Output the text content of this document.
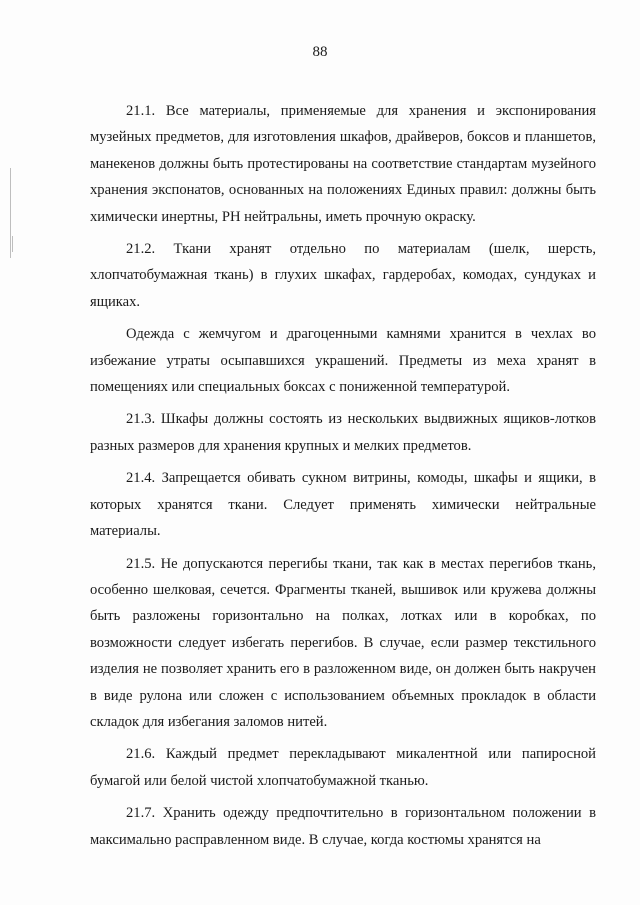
88

21.1. Все материалы, применяемые для хранения и экспонирования музейных предметов, для изготовления шкафов, драйверов, боксов и планшетов, манекенов должны быть протестированы на соответствие стандартам музейного хранения экспонатов, основанных на положениях Единых правил: должны быть химически инертны, PH нейтральны, иметь прочную окраску.

21.2. Ткани хранят отдельно по материалам (шелк, шерсть, хлопчатобумажная ткань) в глухих шкафах, гардеробах, комодах, сундуках и ящиках.

Одежда с жемчугом и драгоценными камнями хранится в чехлах во избежание утраты осыпавшихся украшений. Предметы из меха хранят в помещениях или специальных боксах с пониженной температурой.

21.3. Шкафы должны состоять из нескольких выдвижных ящиков-лотков разных размеров для хранения крупных и мелких предметов.

21.4. Запрещается обивать сукном витрины, комоды, шкафы и ящики, в которых хранятся ткани. Следует применять химически нейтральные материалы.

21.5. Не допускаются перегибы ткани, так как в местах перегибов ткань, особенно шелковая, сечется. Фрагменты тканей, вышивок или кружева должны быть разложены горизонтально на полках, лотках или в коробках, по возможности следует избегать перегибов. В случае, если размер текстильного изделия не позволяет хранить его в разложенном виде, он должен быть накручен в виде рулона или сложен с использованием объемных прокладок в области складок для избегания заломов нитей.

21.6. Каждый предмет перекладывают микалентной или папиросной бумагой или белой чистой хлопчатобумажной тканью.

21.7. Хранить одежду предпочтительно в горизонтальном положении в максимально расправленном виде. В случае, когда костюмы хранятся на
